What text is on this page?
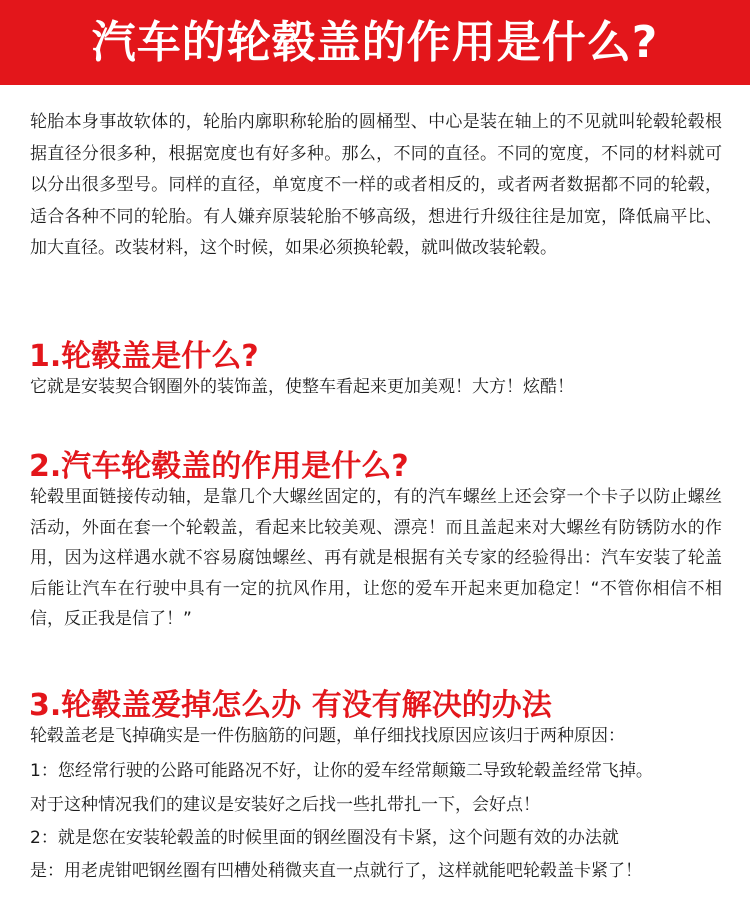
汽车的轮毂盖的作用是什么?
轮胎本身事故软体的，轮胎内廓职称轮胎的圆桶型、中心是装在轴上的不见就叫轮毂轮毂根据直径分很多种，根据宽度也有好多种。那么，不同的直径。不同的宽度，不同的材料就可以分出很多型号。同样的直径，单宽度不一样的或者相反的，或者两者数据都不同的轮毂，适合各种不同的轮胎。有人嫌弃原装轮胎不够高级，想进行升级往往是加宽，降低扁平比、加大直径。改装材料，这个时候，如果必须换轮毂，就叫做改装轮毂。
1.轮毂盖是什么?
它就是安装契合钢圈外的装饰盖，使整车看起来更加美观！大方！炫酷！
2.汽车轮毂盖的作用是什么?
轮毂里面链接传动轴，是靠几个大螺丝固定的，有的汽车螺丝上还会穿一个卡子以防止螺丝活动，外面在套一个轮毂盖，看起来比较美观、漂亮！而且盖起来对大螺丝有防锈防水的作用，因为这样遇水就不容易腐蚀螺丝、再有就是根据有关专家的经验得出：汽车安装了轮盖后能让汽车在行驶中具有一定的抗风作用，让您的爱车开起来更加稳定！“不管你相信不相信，反正我是信了！”
3.轮毂盖爱掉怎么办 有没有解决的办法
轮毂盖老是飞掉确实是一件伤脑筋的问题，单仔细找找原因应该归于两种原因：
1：您经常行驶的公路可能路况不好，让你的爱车经常颠簸二导致轮毂盖经常飞掉。
对于这种情况我们的建议是安装好之后找一些扎带扎一下，会好点！
2：就是您在安装轮毂盖的时候里面的钢丝圈没有卡紧，这个问题有效的办法就
是：用老虎钳吧钢丝圈有凹槽处稍微夹直一点就行了，这样就能吧轮毂盖卡紧了！
